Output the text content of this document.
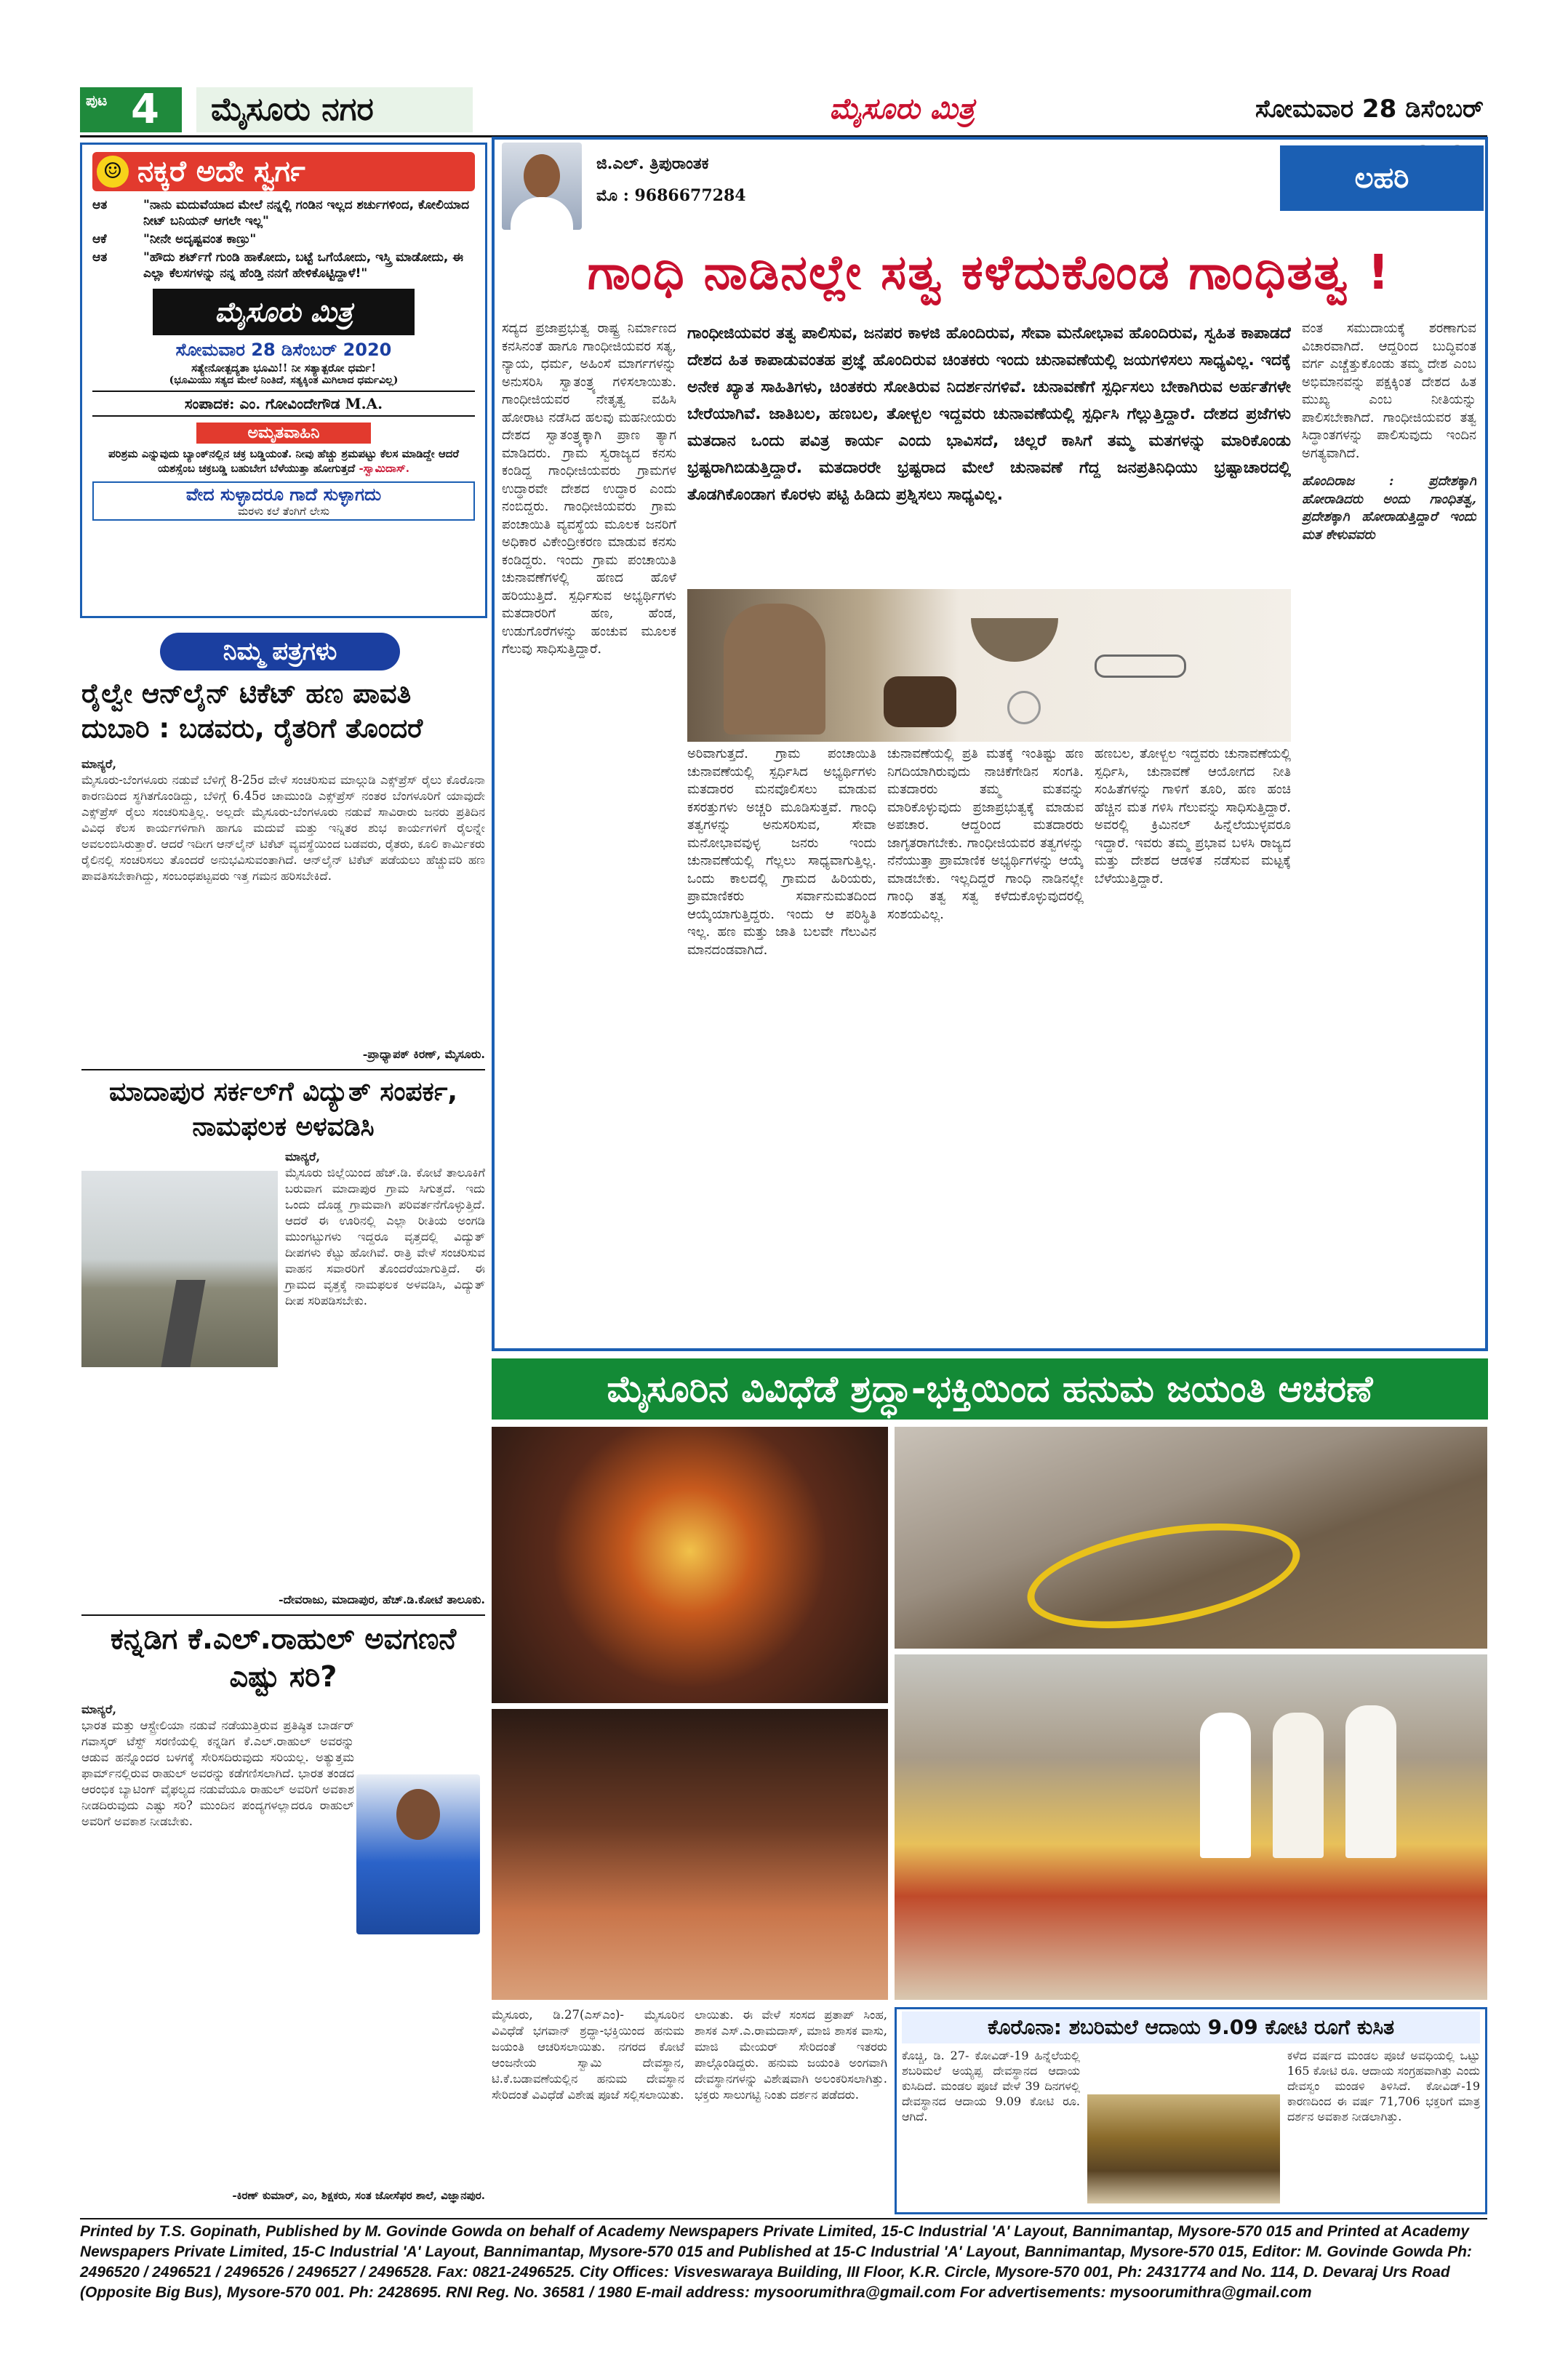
ಪುಟ 4	ಮೈಸೂರು ನಗರ	ಮೈಸೂರು ಮಿತ್ರ	ಸೋಮವಾರ 28 ಡಿಸೆಂಬರ್
☺ ನಕ್ಕರೆ ಅದೇ ಸ್ವರ್ಗ
ಆತ	"ನಾನು ಮದುವೆಯಾದ ಮೇಲೆ ನನ್ನಲ್ಲಿ ಗಂಡಿನ ಇಲ್ಲದ ಶರ್ಚುಗಳಿಂದ, ಕೋಲಿಯಾದ ನೀಟ್ ಬನಿಯನ್ ಆಗಲೇ ಇಲ್ಲ"
ಆಕೆ	"ನೀನೇ ಅದೃಷ್ಟವಂತ ಕಾಣ್ರು"
ಆತ	"ಹೌದು ಶರ್ಟ್‌ಗೆ ಗುಂಡಿ ಹಾಕೋದು, ಬಟ್ಟೆ ಒಗೆಯೋದು, ಇಸ್ತ್ರಿ ಮಾಡೋದು, ಈ ಎಲ್ಲಾ ಕೆಲಸಗಳನ್ನು ನನ್ನ ಹೆಂಡ್ತಿ ನನಗೆ ಹೇಳಿಕೊಟ್ಟಿದ್ದಾಳೆ!"
ಮೈಸೂರು ಮಿತ್ರ
ಸೋಮವಾರ 28 ಡಿಸೆಂಬರ್ 2020
ಸತ್ಯೇನೋತ್ಪದ್ಯತಾ ಭೂಮಿ!! ನೀ ಸತ್ಯಾತ್ಪರೋ ಧರ್ಮ!
(ಭೂಮಿಯು ಸತ್ಯದ ಮೇಲೆ ನಿಂತಿದೆ, ಸತ್ಯಕ್ಕಿಂತ ಮಿಗಿಲಾದ ಧರ್ಮವಿಲ್ಲ)
ಸಂಪಾದಕ: ಎಂ. ಗೋವಿಂದೇಗೌಡ M.A.
ಅಮೃತವಾಹಿನಿ
ಪರಿಶ್ರಮ ಎನ್ನುವುದು ಬ್ಯಾಂಕ್‌ನಲ್ಲಿನ ಚಕ್ರ ಬಡ್ಡಿಯಂತೆ. ನೀವು ಹೆಚ್ಚು ಶ್ರಮಪಟ್ಟು ಕೆಲಸ ಮಾಡಿದ್ದೇ ಆದರೆ ಯಶಸ್ಸೆಂಬ ಚಕ್ರಬಡ್ಡಿ ಬಹುಬೇಗ ಬೆಳೆಯುತ್ತಾ ಹೋಗುತ್ತದೆ -ಸ್ವಾಮಿದಾಸ್.
ವೇದ ಸುಳ್ಳಾದರೂ ಗಾದೆ ಸುಳ್ಳಾಗದು
ಮರಳು ಕಲೆ ತೆಂಗಿಗೆ ಲೇಸು
ನಿಮ್ಮ ಪತ್ರಗಳು
ರೈಲ್ವೇ ಆನ್‌ಲೈನ್ ಟಿಕೆಟ್ ಹಣ ಪಾವತಿ ದುಬಾರಿ : ಬಡವರು, ರೈತರಿಗೆ ತೊಂದರೆ
ಮಾನ್ಯರೆ,
ಮೈಸೂರು-ಬೆಂಗಳೂರು ನಡುವೆ ಬೆಳಿಗ್ಗೆ 8-25ರ ವೇಳೆ ಸಂಚರಿಸುವ ಮಾಲ್ಗುಡಿ ಎಕ್ಸ್‌ಪ್ರೆಸ್ ರೈಲು ಕೊರೊನಾ ಕಾರಣದಿಂದ ಸ್ಥಗಿತಗೊಂಡಿದ್ದು, ಬೆಳಿಗ್ಗೆ 6.45ರ ಚಾಮುಂಡಿ ಎಕ್ಸ್‌ಪ್ರೆಸ್ ನಂತರ ಬೆಂಗಳೂರಿಗೆ ಯಾವುದೇ ಎಕ್ಸ್‌ಪ್ರೆಸ್ ರೈಲು ಸಂಚರಿಸುತ್ತಿಲ್ಲ. ಅಲ್ಲದೇ ಮೈಸೂರು-ಬೆಂಗಳೂರು ನಡುವೆ ಸಾವಿರಾರು ಜನರು ಪ್ರತಿದಿನ ವಿವಿಧ ಕೆಲಸ ಕಾರ್ಯಗಳಿಗಾಗಿ ಹಾಗೂ ಮದುವೆ ಮತ್ತು ಇನ್ನಿತರ ಶುಭ ಕಾರ್ಯಗಳಿಗೆ ರೈಲನ್ನೇ ಅವಲಂಬಿಸಿರುತ್ತಾರೆ. ಆದರೆ ಇದೀಗ ಆನ್‌ಲೈನ್ ಟಿಕೆಟ್ ವ್ಯವಸ್ಥೆಯಿಂದ ಬಡವರು, ರೈತರು, ಕೂಲಿ ಕಾರ್ಮಿಕರು ರೈಲಿನಲ್ಲಿ ಸಂಚರಿಸಲು ತೊಂದರೆ ಅನುಭವಿಸುವಂತಾಗಿದೆ. ಆನ್‌ಲೈನ್ ಟಿಕೆಟ್ ಪಡೆಯಲು ಹೆಚ್ಚುವರಿ ಹಣ ಪಾವತಿಸಬೇಕಾಗಿದ್ದು, ಸಂಬಂಧಪಟ್ಟವರು ಇತ್ತ ಗಮನ ಹರಿಸಬೇಕಿದೆ.
-ಪ್ರಾಧ್ಯಾಪಕ್ ಕಿರಣ್, ಮೈಸೂರು.
ಮಾದಾಪುರ ಸರ್ಕಲ್‌ಗೆ ವಿದ್ಯುತ್ ಸಂಪರ್ಕ, ನಾಮಫಲಕ ಅಳವಡಿಸಿ
ಮಾನ್ಯರೆ,
ಮೈಸೂರು ಜಿಲ್ಲೆಯಿಂದ ಹೆಚ್.ಡಿ. ಕೋಟೆ ತಾಲೂಕಿಗೆ ಬರುವಾಗ ಮಾದಾಪುರ ಗ್ರಾಮ ಸಿಗುತ್ತದೆ. ಇದು ಒಂದು ದೊಡ್ಡ ಗ್ರಾಮವಾಗಿ ಪರಿವರ್ತನೆಗೊಳ್ಳುತ್ತಿದೆ. ಆದರೆ ಈ ಊರಿನಲ್ಲಿ ಎಲ್ಲಾ ರೀತಿಯ ಅಂಗಡಿ ಮುಂಗಟ್ಟುಗಳು ಇದ್ದರೂ ವೃತ್ತದಲ್ಲಿ ವಿದ್ಯುತ್ ದೀಪಗಳು ಕೆಟ್ಟು ಹೋಗಿವೆ. ರಾತ್ರಿ ವೇಳೆ ಸಂಚರಿಸುವ ವಾಹನ ಸವಾರರಿಗೆ ತೊಂದರೆಯಾಗುತ್ತಿದೆ. ಈ ಗ್ರಾಮದ ವೃತ್ತಕ್ಕೆ ನಾಮಫಲಕ ಅಳವಡಿಸಿ, ವಿದ್ಯುತ್ ದೀಪ ಸರಿಪಡಿಸಬೇಕು.
-ದೇವರಾಜು, ಮಾದಾಪುರ, ಹೆಚ್.ಡಿ.ಕೋಟೆ ತಾಲೂಕು.
ಕನ್ನಡಿಗ ಕೆ.ಎಲ್.ರಾಹುಲ್ ಅವಗಣನೆ ಎಷ್ಟು ಸರಿ?
ಮಾನ್ಯರೆ,
ಭಾರತ ಮತ್ತು ಆಸ್ಟ್ರೇಲಿಯಾ ನಡುವೆ ನಡೆಯುತ್ತಿರುವ ಪ್ರತಿಷ್ಠಿತ ಬಾರ್ಡರ್ ಗವಾಸ್ಕರ್ ಟೆಸ್ಟ್ ಸರಣಿಯಲ್ಲಿ ಕನ್ನಡಿಗ ಕೆ.ಎಲ್.ರಾಹುಲ್ ಅವರನ್ನು ಆಡುವ ಹನ್ನೊಂದರ ಬಳಗಕ್ಕೆ ಸೇರಿಸದಿರುವುದು ಸರಿಯಲ್ಲ. ಅತ್ಯುತ್ತಮ ಫಾರ್ಮ್‌ನಲ್ಲಿರುವ ರಾಹುಲ್ ಅವರನ್ನು ಕಡೆಗಣಿಸಲಾಗಿದೆ. ಭಾರತ ತಂಡದ ಆರಂಭಿಕ ಬ್ಯಾಟಿಂಗ್ ವೈಫಲ್ಯದ ನಡುವೆಯೂ ರಾಹುಲ್ ಅವರಿಗೆ ಅವಕಾಶ ನೀಡದಿರುವುದು ಎಷ್ಟು ಸರಿ? ಮುಂದಿನ ಪಂದ್ಯಗಳಲ್ಲಾದರೂ ರಾಹುಲ್ ಅವರಿಗೆ ಅವಕಾಶ ನೀಡಬೇಕು.
-ಕಿರಣ್ ಕುಮಾರ್, ಎಂ, ಶಿಕ್ಷಕರು, ಸಂತ ಜೋಸೆಫರ ಶಾಲೆ, ವಿಜ್ಞಾನಪುರ.
ಜಿ.ಎಲ್. ತ್ರಿಪುರಾಂತಕ
ಮೊ : 9686677284
ಲಹರಿ
ಗಾಂಧಿ ನಾಡಿನಲ್ಲೇ ಸತ್ವ ಕಳೆದುಕೊಂಡ ಗಾಂಧಿತತ್ವ !
ಸದ್ಯದ ಪ್ರಜಾಪ್ರಭುತ್ವ ರಾಷ್ಟ್ರ ನಿರ್ಮಾಣದ ಕನಸಿನಂತೆ ಹಾಗೂ ಗಾಂಧೀಜಿಯವರ ಸತ್ಯ, ನ್ಯಾಯ, ಧರ್ಮ, ಅಹಿಂಸೆ ಮಾರ್ಗಗಳನ್ನು ಅನುಸರಿಸಿ ಸ್ವಾತಂತ್ರ್ಯ ಗಳಿಸಲಾಯಿತು. ಗಾಂಧೀಜಿಯವರ ನೇತೃತ್ವ ವಹಿಸಿ ಹೋರಾಟ ನಡೆಸಿದ ಹಲವು ಮಹನೀಯರು ದೇಶದ ಸ್ವಾತಂತ್ರ್ಯಕ್ಕಾಗಿ ಪ್ರಾಣ ತ್ಯಾಗ ಮಾಡಿದರು. ಗ್ರಾಮ ಸ್ವರಾಜ್ಯದ ಕನಸು ಕಂಡಿದ್ದ ಗಾಂಧೀಜಿಯವರು ಗ್ರಾಮಗಳ ಉದ್ಧಾರವೇ ದೇಶದ ಉದ್ಧಾರ ಎಂದು ನಂಬಿದ್ದರು. ಗಾಂಧೀಜಿಯವರು ಗ್ರಾಮ ಪಂಚಾಯಿತಿ ವ್ಯವಸ್ಥೆಯ ಮೂಲಕ ಜನರಿಗೆ ಅಧಿಕಾರ ವಿಕೇಂದ್ರೀಕರಣ ಮಾಡುವ ಕನಸು ಕಂಡಿದ್ದರು. ಇಂದು ಗ್ರಾಮ ಪಂಚಾಯಿತಿ ಚುನಾವಣೆಗಳಲ್ಲಿ ಹಣದ ಹೊಳೆ ಹರಿಯುತ್ತಿದೆ. ಸ್ಪರ್ಧಿಸುವ ಅಭ್ಯರ್ಥಿಗಳು ಮತದಾರರಿಗೆ ಹಣ, ಹೆಂಡ, ಉಡುಗೊರೆಗಳನ್ನು ಹಂಚುವ ಮೂಲಕ ಗೆಲುವು ಸಾಧಿಸುತ್ತಿದ್ದಾರೆ.
ಗಾಂಧೀಜಿಯವರ ತತ್ವ ಪಾಲಿಸುವ, ಜನಪರ ಕಾಳಜಿ ಹೊಂದಿರುವ, ಸೇವಾ ಮನೋಭಾವ ಹೊಂದಿರುವ, ಸ್ವಹಿತ ಕಾಪಾಡದೆ ದೇಶದ ಹಿತ ಕಾಪಾಡುವಂತಹ ಪ್ರಜ್ಞೆ ಹೊಂದಿರುವ ಚಿಂತಕರು ಇಂದು ಚುನಾವಣೆಯಲ್ಲಿ ಜಯಗಳಿಸಲು ಸಾಧ್ಯವಿಲ್ಲ. ಇದಕ್ಕೆ ಅನೇಕ ಖ್ಯಾತ ಸಾಹಿತಿಗಳು, ಚಿಂತಕರು ಸೋತಿರುವ ನಿದರ್ಶನಗಳಿವೆ. ಚುನಾವಣೆಗೆ ಸ್ಪರ್ಧಿಸಲು ಬೇಕಾಗಿರುವ ಅರ್ಹತೆಗಳೇ ಬೇರೆಯಾಗಿವೆ. ಜಾತಿಬಲ, ಹಣಬಲ, ತೋಳ್ಬಲ ಇದ್ದವರು ಚುನಾವಣೆಯಲ್ಲಿ ಸ್ಪರ್ಧಿಸಿ ಗೆಲ್ಲುತ್ತಿದ್ದಾರೆ. ದೇಶದ ಪ್ರಜೆಗಳು ಮತದಾನ ಒಂದು ಪವಿತ್ರ ಕಾರ್ಯ ಎಂದು ಭಾವಿಸದೆ, ಚಿಲ್ಲರೆ ಕಾಸಿಗೆ ತಮ್ಮ ಮತಗಳನ್ನು ಮಾರಿಕೊಂಡು ಭ್ರಷ್ಟರಾಗಿಬಿಡುತ್ತಿದ್ದಾರೆ. ಮತದಾರರೇ ಭ್ರಷ್ಟರಾದ ಮೇಲೆ ಚುನಾವಣೆ ಗೆದ್ದ ಜನಪ್ರತಿನಿಧಿಯು ಭ್ರಷ್ಟಾಚಾರದಲ್ಲಿ ತೊಡಗಿಕೊಂಡಾಗ ಕೊರಳು ಪಟ್ಟಿ ಹಿಡಿದು ಪ್ರಶ್ನಿಸಲು ಸಾಧ್ಯವಿಲ್ಲ.
ವಂತ ಸಮುದಾಯಕ್ಕೆ ಶರಣಾಗುವ ವಿಚಾರವಾಗಿದೆ. ಆದ್ದರಿಂದ ಬುದ್ಧಿವಂತ ವರ್ಗ ಎಚ್ಚೆತ್ತುಕೊಂಡು ತಮ್ಮ ದೇಶ ಎಂಬ ಅಭಿಮಾನವನ್ನು ಪಕ್ಷಕ್ಕಿಂತ ದೇಶದ ಹಿತ ಮುಖ್ಯ ಎಂಬ ನೀತಿಯನ್ನು ಪಾಲಿಸಬೇಕಾಗಿದೆ. ಗಾಂಧೀಜಿಯವರ ತತ್ವ ಸಿದ್ಧಾಂತಗಳನ್ನು ಪಾಲಿಸುವುದು ಇಂದಿನ ಅಗತ್ಯವಾಗಿದೆ.
ಹೊಂದಿರಾಜ :	ಪ್ರದೇಶಕ್ಕಾಗಿ ಹೋರಾಡಿದರು ಅಂದು ಗಾಂಧಿತತ್ವ, ಪ್ರದೇಶಕ್ಕಾಗಿ ಹೋರಾಡುತ್ತಿದ್ದಾರೆ ಇಂದು ಮತ ಕೇಳುವವರು
ಅರಿವಾಗುತ್ತದೆ. ಗ್ರಾಮ ಪಂಚಾಯಿತಿ ಚುನಾವಣೆಯಲ್ಲಿ ಸ್ಪರ್ಧಿಸಿದ ಅಭ್ಯರ್ಥಿಗಳು ಮತದಾರರ ಮನವೊಲಿಸಲು ಮಾಡುವ ಕಸರತ್ತುಗಳು ಅಚ್ಚರಿ ಮೂಡಿಸುತ್ತವೆ. ಗಾಂಧಿ ತತ್ವಗಳನ್ನು ಅನುಸರಿಸುವ, ಸೇವಾ ಮನೋಭಾವವುಳ್ಳ ಜನರು ಇಂದು ಚುನಾವಣೆಯಲ್ಲಿ ಗೆಲ್ಲಲು ಸಾಧ್ಯವಾಗುತ್ತಿಲ್ಲ. ಒಂದು ಕಾಲದಲ್ಲಿ ಗ್ರಾಮದ ಹಿರಿಯರು, ಪ್ರಾಮಾಣಿಕರು ಸರ್ವಾನುಮತದಿಂದ ಆಯ್ಕೆಯಾಗುತ್ತಿದ್ದರು. ಇಂದು ಆ ಪರಿಸ್ಥಿತಿ ಇಲ್ಲ. ಹಣ ಮತ್ತು ಜಾತಿ ಬಲವೇ ಗೆಲುವಿನ ಮಾನದಂಡವಾಗಿದೆ.
ಚುನಾವಣೆಯಲ್ಲಿ ಪ್ರತಿ ಮತಕ್ಕೆ ಇಂತಿಷ್ಟು ಹಣ ನಿಗದಿಯಾಗಿರುವುದು ನಾಚಿಕೆಗೇಡಿನ ಸಂಗತಿ. ಮತದಾರರು ತಮ್ಮ ಮತವನ್ನು ಮಾರಿಕೊಳ್ಳುವುದು ಪ್ರಜಾಪ್ರಭುತ್ವಕ್ಕೆ ಮಾಡುವ ಅಪಚಾರ. ಆದ್ದರಿಂದ ಮತದಾರರು ಜಾಗೃತರಾಗಬೇಕು. ಗಾಂಧೀಜಿಯವರ ತತ್ವಗಳನ್ನು ನೆನೆಯುತ್ತಾ ಪ್ರಾಮಾಣಿಕ ಅಭ್ಯರ್ಥಿಗಳನ್ನು ಆಯ್ಕೆ ಮಾಡಬೇಕು. ಇಲ್ಲದಿದ್ದರೆ ಗಾಂಧಿ ನಾಡಿನಲ್ಲೇ ಗಾಂಧಿ ತತ್ವ ಸತ್ವ ಕಳೆದುಕೊಳ್ಳುವುದರಲ್ಲಿ ಸಂಶಯವಿಲ್ಲ.
ಹಣಬಲ, ತೋಳ್ಬಲ ಇದ್ದವರು ಚುನಾವಣೆಯಲ್ಲಿ ಸ್ಪರ್ಧಿಸಿ, ಚುನಾವಣೆ ಆಯೋಗದ ನೀತಿ ಸಂಹಿತೆಗಳನ್ನು ಗಾಳಿಗೆ ತೂರಿ, ಹಣ ಹಂಚಿ ಹೆಚ್ಚಿನ ಮತ ಗಳಿಸಿ ಗೆಲುವನ್ನು ಸಾಧಿಸುತ್ತಿದ್ದಾರೆ. ಅವರಲ್ಲಿ ಕ್ರಿಮಿನಲ್ ಹಿನ್ನೆಲೆಯುಳ್ಳವರೂ ಇದ್ದಾರೆ. ಇವರು ತಮ್ಮ ಪ್ರಭಾವ ಬಳಸಿ ರಾಜ್ಯದ ಮತ್ತು ದೇಶದ ಆಡಳಿತ ನಡೆಸುವ ಮಟ್ಟಕ್ಕೆ ಬೆಳೆಯುತ್ತಿದ್ದಾರೆ.
ಮೈಸೂರಿನ ವಿವಿಧೆಡೆ ಶ್ರದ್ಧಾ-ಭಕ್ತಿಯಿಂದ ಹನುಮ ಜಯಂತಿ ಆಚರಣೆ
ಮೈಸೂರು, ಡಿ.27(ಎಸ್‌ಎಂ)- ಮೈಸೂರಿನ ವಿವಿಧೆಡೆ ಭಗವಾನ್ ಶ್ರದ್ಧಾ-ಭಕ್ತಿಯಿಂದ ಹನುಮ ಜಯಂತಿ ಆಚರಿಸಲಾಯಿತು. ನಗರದ ಕೋಟೆ ಆಂಜನೇಯ ಸ್ವಾಮಿ ದೇವಸ್ಥಾನ, ಟಿ.ಕೆ.ಬಡಾವಣೆಯಲ್ಲಿನ ಹನುಮ ದೇವಸ್ಥಾನ ಸೇರಿದಂತೆ ವಿವಿಧೆಡೆ ವಿಶೇಷ ಪೂಜೆ ಸಲ್ಲಿಸಲಾಯಿತು.
ಲಾಯಿತು. ಈ ವೇಳೆ ಸಂಸದ ಪ್ರತಾಪ್ ಸಿಂಹ, ಶಾಸಕ ಎಸ್.ಎ.ರಾಮದಾಸ್, ಮಾಜಿ ಶಾಸಕ ವಾಸು, ಮಾಜಿ ಮೇಯರ್ ಸೇರಿದಂತೆ ಇತರರು ಪಾಲ್ಗೊಂಡಿದ್ದರು. ಹನುಮ ಜಯಂತಿ ಅಂಗವಾಗಿ ದೇವಸ್ಥಾನಗಳನ್ನು ವಿಶೇಷವಾಗಿ ಅಲಂಕರಿಸಲಾಗಿತ್ತು. ಭಕ್ತರು ಸಾಲುಗಟ್ಟಿ ನಿಂತು ದರ್ಶನ ಪಡೆದರು.
ಕೊರೊನಾ: ಶಬರಿಮಲೆ ಆದಾಯ 9.09 ಕೋಟಿ ರೂಗೆ ಕುಸಿತ
ಕೊಚ್ಚಿ, ಡಿ. 27- ಕೋವಿಡ್-19 ಹಿನ್ನೆಲೆಯಲ್ಲಿ ಶಬರಿಮಲೆ ಅಯ್ಯಪ್ಪ ದೇವಸ್ಥಾನದ ಆದಾಯ ಕುಸಿದಿದೆ. ಮಂಡಲ ಪೂಜೆ ವೇಳೆ 39 ದಿನಗಳಲ್ಲಿ ದೇವಸ್ಥಾನದ ಆದಾಯ 9.09 ಕೋಟಿ ರೂ. ಆಗಿದೆ.
ಕಳೆದ ವರ್ಷದ ಮಂಡಲ ಪೂಜೆ ಅವಧಿಯಲ್ಲಿ ಒಟ್ಟು 165 ಕೋಟಿ ರೂ. ಆದಾಯ ಸಂಗ್ರಹವಾಗಿತ್ತು ಎಂದು ದೇವಸ್ವಂ ಮಂಡಳಿ ತಿಳಿಸಿದೆ. ಕೋವಿಡ್-19 ಕಾರಣದಿಂದ ಈ ವರ್ಷ 71,706 ಭಕ್ತರಿಗೆ ಮಾತ್ರ ದರ್ಶನ ಅವಕಾಶ ನೀಡಲಾಗಿತ್ತು.
Printed by T.S. Gopinath, Published by M. Govinde Gowda on behalf of Academy Newspapers Private Limited, 15-C Industrial 'A' Layout, Bannimantap, Mysore-570 015 and Printed at Academy Newspapers Private Limited, 15-C Industrial 'A' Layout, Bannimantap, Mysore-570 015 and Published at 15-C Industrial 'A' Layout, Bannimantap, Mysore-570 015, Editor: M. Govinde Gowda Ph: 2496520 / 2496521 / 2496526 / 2496527 / 2496528. Fax: 0821-2496525. City Offices: Visveswaraya Building, III Floor, K.R. Circle, Mysore-570 001, Ph: 2431774 and No. 114, D. Devaraj Urs Road (Opposite Big Bus), Mysore-570 001. Ph: 2428695. RNI Reg. No. 36581 / 1980 E-mail address: mysoorumithra@gmail.com For advertisements: mysoorumithra@gmail.com
